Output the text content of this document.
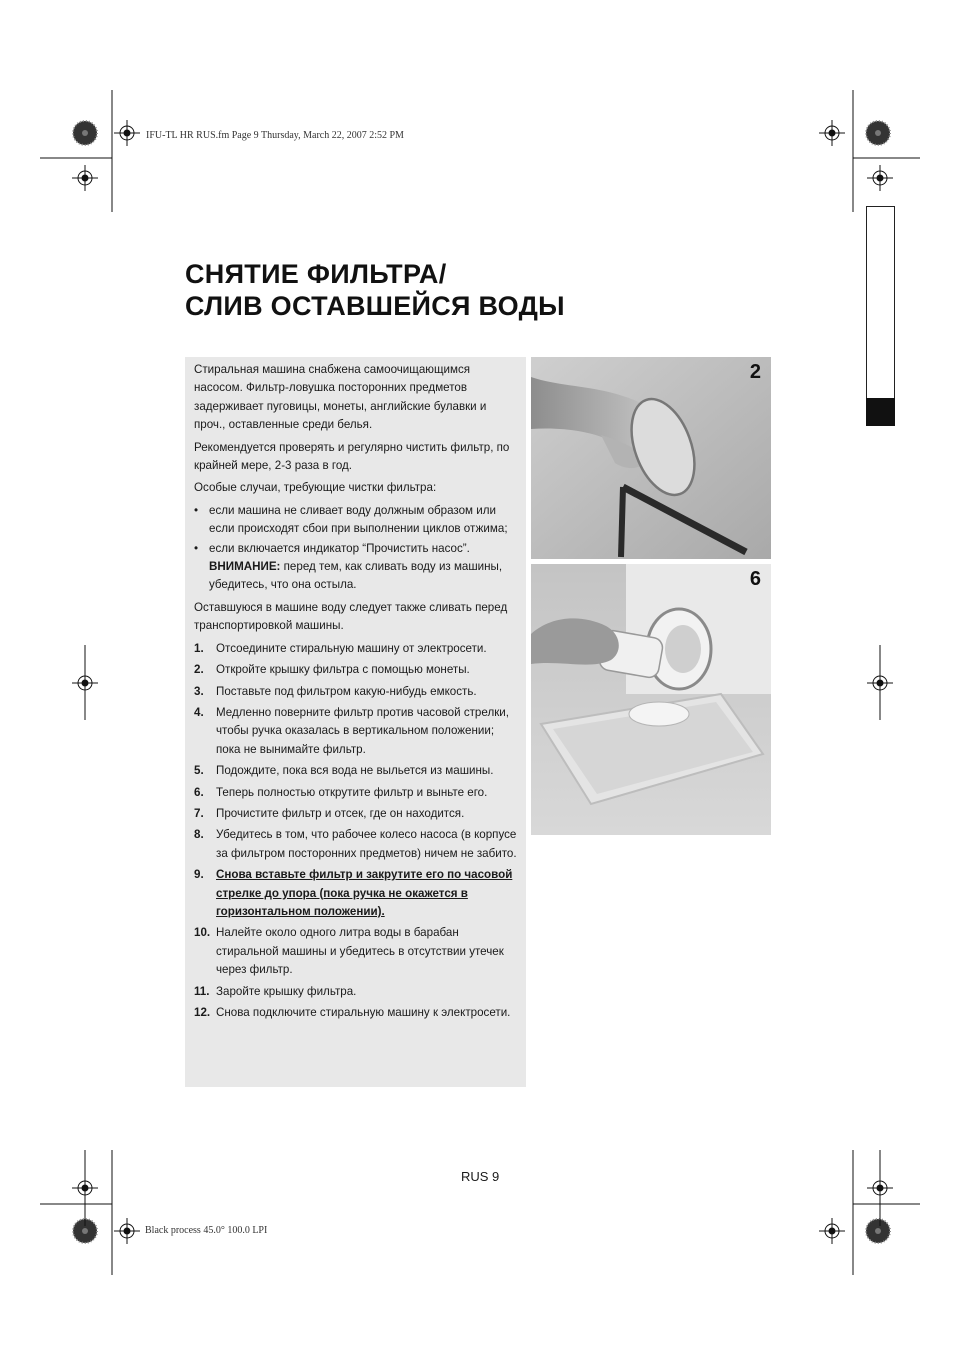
IFU-TL HR RUS.fm Page 9 Thursday, March 22, 2007 2:52 PM
СНЯТИЕ ФИЛЬТРА/
СЛИВ ОСТАВШЕЙСЯ ВОДЫ

Стиральная машина снабжена самоочищающимся насосом. Фильтр-ловушка посторонних предметов задерживает пуговицы, монеты, английские булавки и проч., оставленные среди белья.

Рекомендуется проверять и регулярно чистить фильтр, по крайней мере, 2-3 раза в год.

Особые случаи, требующие чистки фильтра:

• если машина не сливает воду должным образом или если происходят сбои при выполнении циклов отжима;
• если включается индикатор “Прочистить насос”.
ВНИМАНИЕ: перед тем, как сливать воду из машины, убедитесь, что она остыла.

Оставшуюся в машине воду следует также сливать перед транспортировкой машины.

1. Отсоедините стиральную машину от электросети.
2. Откройте крышку фильтра с помощью монеты.
3. Поставьте под фильтром какую-нибудь емкость.
4. Медленно поверните фильтр против часовой стрелки, чтобы ручка оказалась в вертикальном положении; пока не вынимайте фильтр.
5. Подождите, пока вся вода не выльется из машины.
6. Теперь полностью открутите фильтр и выньте его.
7. Прочистите фильтр и отсек, где он находится.
8. Убедитесь в том, что рабочее колесо насоса (в корпусе за фильтром посторонних предметов) ничем не забито.
9. Снова вставьте фильтр и закрутите его по часовой стрелке до упора (пока ручка не окажется в горизонтальном положении).
10. Налейте около одного литра воды в барабан стиральной машины и убедитесь в отсутствии утечек через фильтр.
11. Заройте крышку фильтра.
12. Снова подключите стиральную машину к электросети.
2
6
RUS 9
Black process 45.0° 100.0 LPI
